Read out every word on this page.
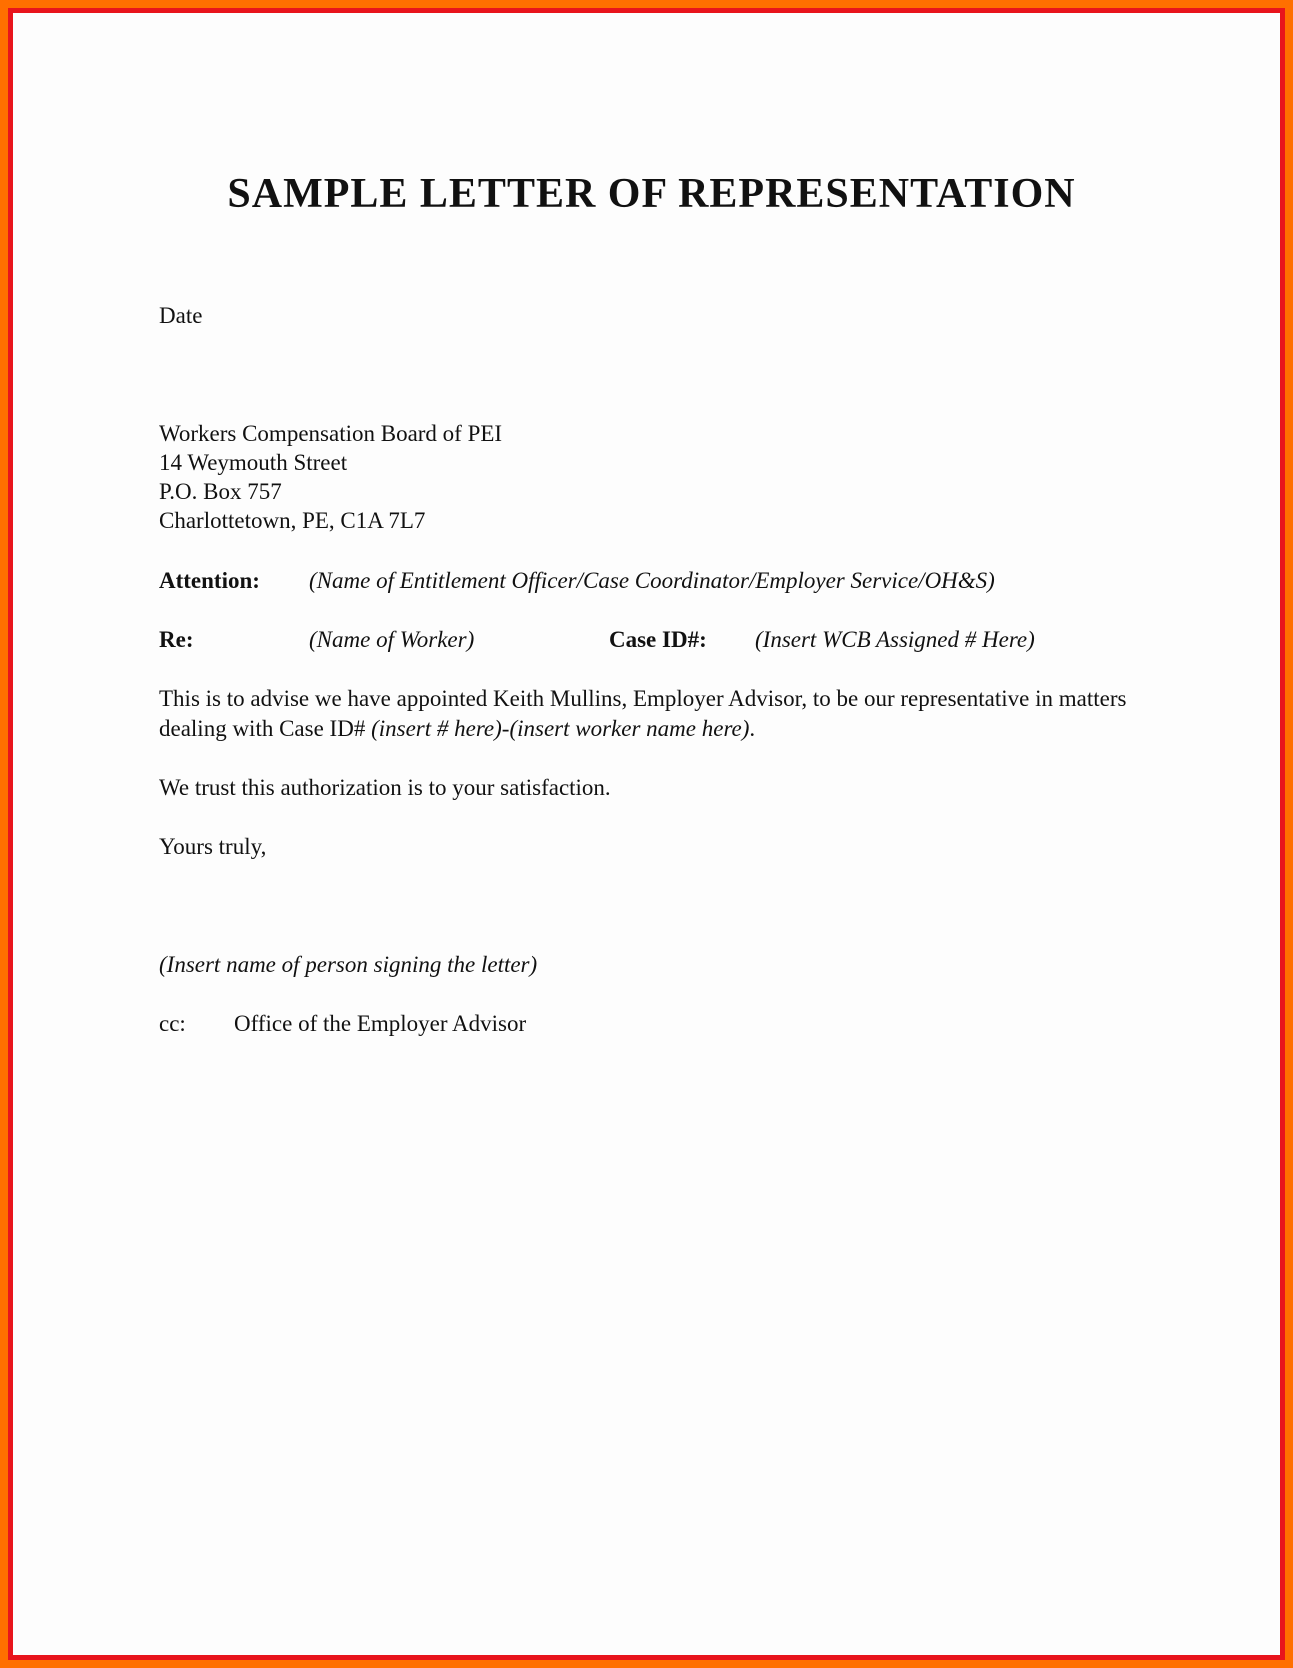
SAMPLE LETTER OF REPRESENTATION
Date
Workers Compensation Board of PEI
14 Weymouth Street
P.O. Box 757
Charlottetown, PE, C1A 7L7
Attention: (Name of Entitlement Officer/Case Coordinator/Employer Service/OH&S)
Re:	(Name of Worker)	Case ID#: (Insert WCB Assigned # Here)
This is to advise we have appointed Keith Mullins, Employer Advisor, to be our representative in matters dealing with Case ID# (insert # here)-(insert worker name here).
We trust this authorization is to your satisfaction.
Yours truly,
(Insert name of person signing the letter)
cc: Office of the Employer Advisor
